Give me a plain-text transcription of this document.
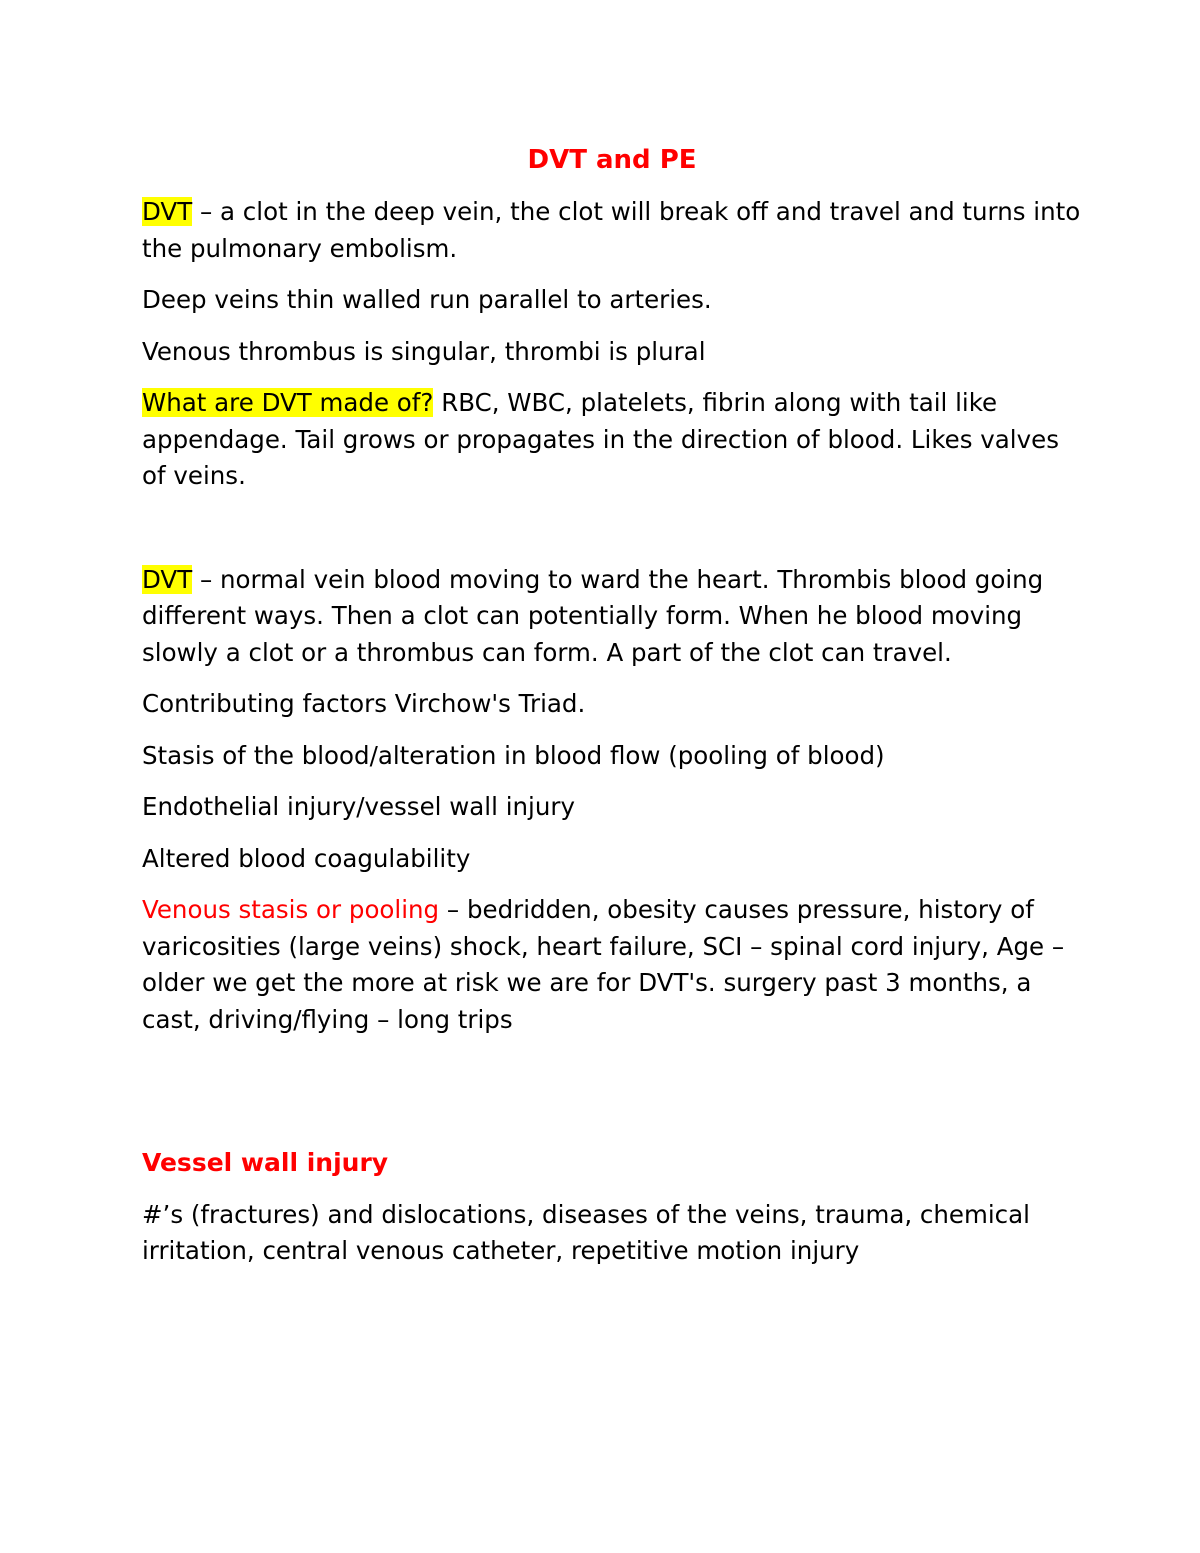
DVT and PE

DVT – a clot in the deep vein, the clot will break off and travel and turns into the pulmonary embolism.

Deep veins thin walled run parallel to arteries.

Venous thrombus is singular, thrombi is plural

What are DVT made of? RBC, WBC, platelets, fibrin along with tail like appendage. Tail grows or propagates in the direction of blood. Likes valves of veins.

DVT – normal vein blood moving to ward the heart. Thrombis blood going different ways. Then a clot can potentially form. When he blood moving slowly a clot or a thrombus can form. A part of the clot can travel.

Contributing factors Virchow's Triad.

Stasis of the blood/alteration in blood flow (pooling of blood)

Endothelial injury/vessel wall injury

Altered blood coagulability

Venous stasis or pooling – bedridden, obesity causes pressure, history of varicosities (large veins) shock, heart failure, SCI – spinal cord injury, Age – older we get the more at risk we are for DVT's. surgery past 3 months, a cast, driving/flying – long trips

Vessel wall injury

#’s (fractures) and dislocations, diseases of the veins, trauma, chemical irritation, central venous catheter, repetitive motion injury
